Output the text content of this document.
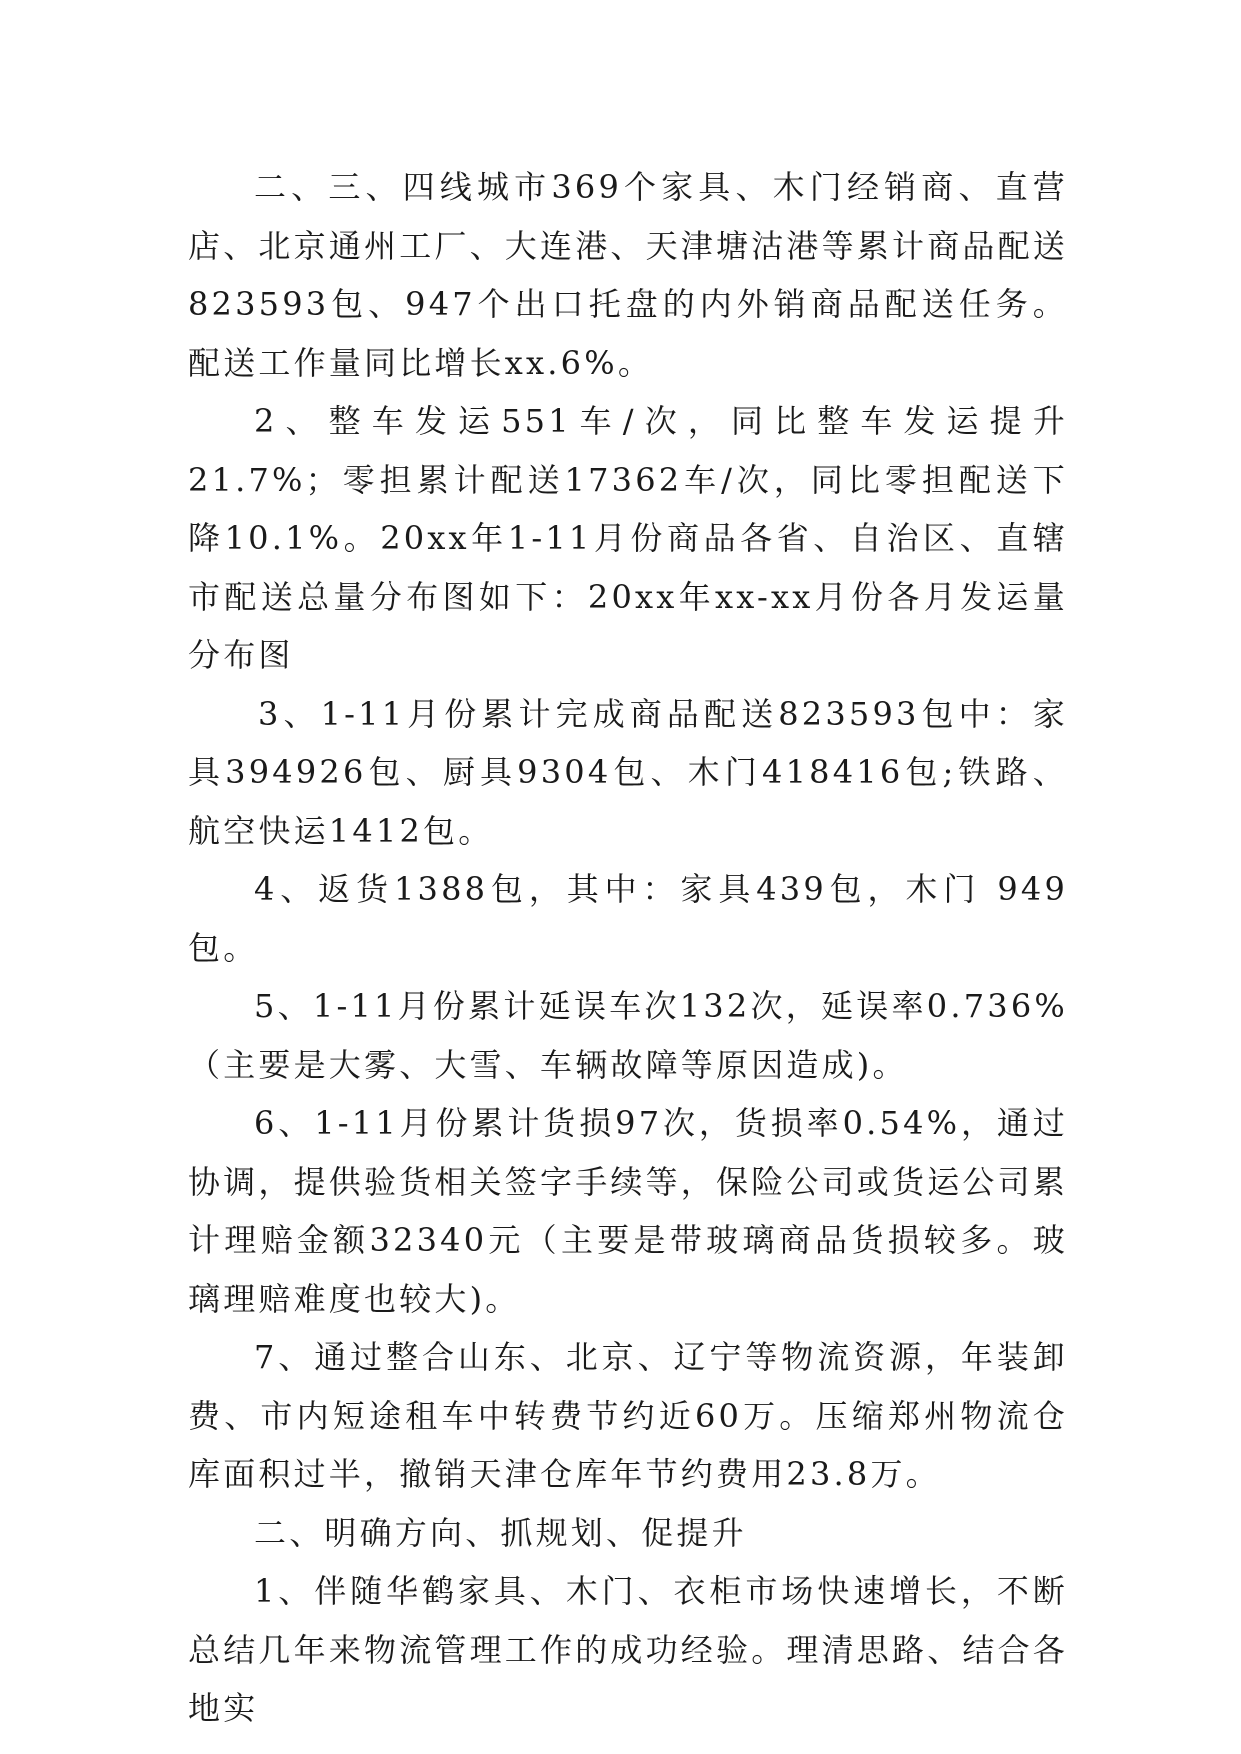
二、三、四线城市369个家具、木门经销商、直营店、北京通州工厂、大连港、天津塘沽港等累计商品配送823593包、947个出口托盘的内外销商品配送任务。配送工作量同比增长xx.6%。

2、整车发运551车/次，同比整车发运提升21.7%；零担累计配送17362车/次，同比零担配送下降10.1%。20xx年1-11月份商品各省、自治区、直辖市配送总量分布图如下：20xx年xx-xx月份各月发运量分布图

3、1-11月份累计完成商品配送823593包中：家具394926包、厨具9304包、木门418416包;铁路、航空快运1412包。

4、返货1388包，其中：家具439包，木门 949 包。

5、1-11月份累计延误车次132次，延误率0.736%（主要是大雾、大雪、车辆故障等原因造成)。

6、1-11月份累计货损97次，货损率0.54%，通过协调，提供验货相关签字手续等，保险公司或货运公司累计理赔金额32340元（主要是带玻璃商品货损较多。玻璃理赔难度也较大)。

7、通过整合山东、北京、辽宁等物流资源，年装卸费、市内短途租车中转费节约近60万。压缩郑州物流仓库面积过半，撤销天津仓库年节约费用23.8万。

二、明确方向、抓规划、促提升

1、伴随华鹤家具、木门、衣柜市场快速增长，不断总结几年来物流管理工作的成功经验。理清思路、结合各地实
